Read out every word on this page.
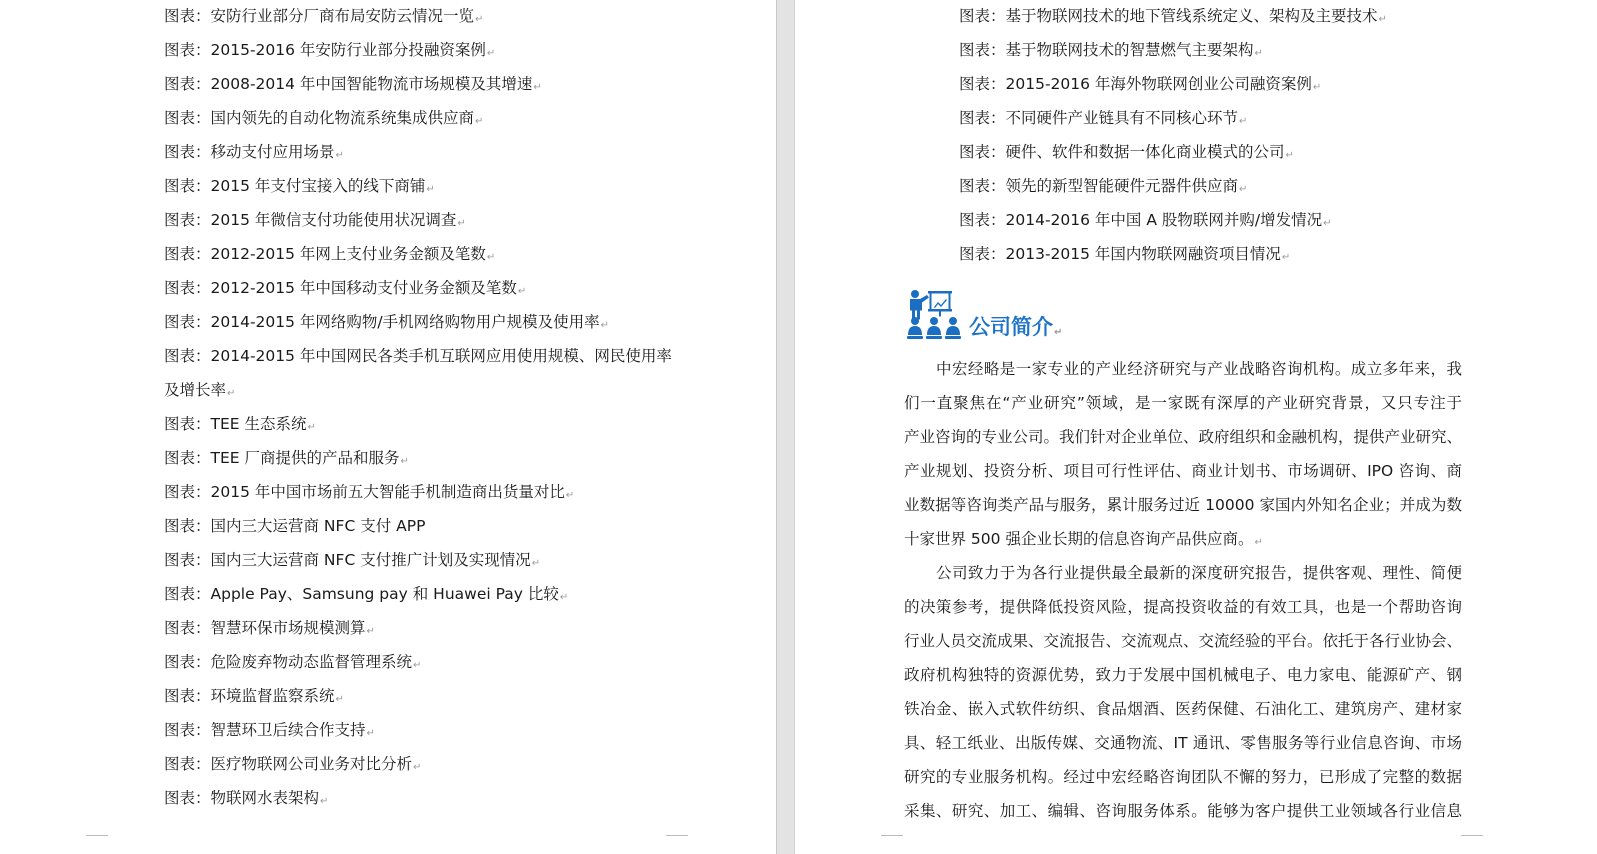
图表：安防行业部分厂商布局安防云情况一览↵
图表：2015-2016 年安防行业部分投融资案例↵
图表：2008-2014 年中国智能物流市场规模及其增速↵
图表：国内领先的自动化物流系统集成供应商↵
图表：移动支付应用场景↵
图表：2015 年支付宝接入的线下商铺↵
图表：2015 年微信支付功能使用状况调查↵
图表：2012-2015 年网上支付业务金额及笔数↵
图表：2012-2015 年中国移动支付业务金额及笔数↵
图表：2014-2015 年网络购物/手机网络购物用户规模及使用率↵
图表：2014-2015 年中国网民各类手机互联网应用使用规模、网民使用率
及增长率↵
图表：TEE 生态系统↵
图表：TEE 厂商提供的产品和服务↵
图表：2015 年中国市场前五大智能手机制造商出货量对比↵
图表：国内三大运营商 NFC 支付 APP
图表：国内三大运营商 NFC 支付推广计划及实现情况↵
图表：Apple Pay、Samsung pay 和 Huawei Pay 比较↵
图表：智慧环保市场规模测算↵
图表：危险废弃物动态监督管理系统↵
图表：环境监督监察系统↵
图表：智慧环卫后续合作支持↵
图表：医疗物联网公司业务对比分析↵
图表：物联网水表架构↵
图表：基于物联网技术的地下管线系统定义、架构及主要技术↵
图表：基于物联网技术的智慧燃气主要架构↵
图表：2015-2016 年海外物联网创业公司融资案例↵
图表：不同硬件产业链具有不同核心环节↵
图表：硬件、软件和数据一体化商业模式的公司↵
图表：领先的新型智能硬件元器件供应商↵
图表：2014-2016 年中国 A 股物联网并购/增发情况↵
图表：2013-2015 年国内物联网融资项目情况↵
公司简介↵
中宏经略是一家专业的产业经济研究与产业战略咨询机构。成立多年来，我
们一直聚焦在“产业研究”领域，是一家既有深厚的产业研究背景，又只专注于
产业咨询的专业公司。我们针对企业单位、政府组织和金融机构，提供产业研究、
产业规划、投资分析、项目可行性评估、商业计划书、市场调研、IPO 咨询、商
业数据等咨询类产品与服务，累计服务过近 10000 家国内外知名企业；并成为数
十家世界 500 强企业长期的信息咨询产品供应商。↵
公司致力于为各行业提供最全最新的深度研究报告，提供客观、理性、简便
的决策参考，提供降低投资风险，提高投资收益的有效工具，也是一个帮助咨询
行业人员交流成果、交流报告、交流观点、交流经验的平台。依托于各行业协会、
政府机构独特的资源优势，致力于发展中国机械电子、电力家电、能源矿产、钢
铁冶金、嵌入式软件纺织、食品烟酒、医药保健、石油化工、建筑房产、建材家
具、轻工纸业、出版传媒、交通物流、IT 通讯、零售服务等行业信息咨询、市场
研究的专业服务机构。经过中宏经略咨询团队不懈的努力，已形成了完整的数据
采集、研究、加工、编辑、咨询服务体系。能够为客户提供工业领域各行业信息
